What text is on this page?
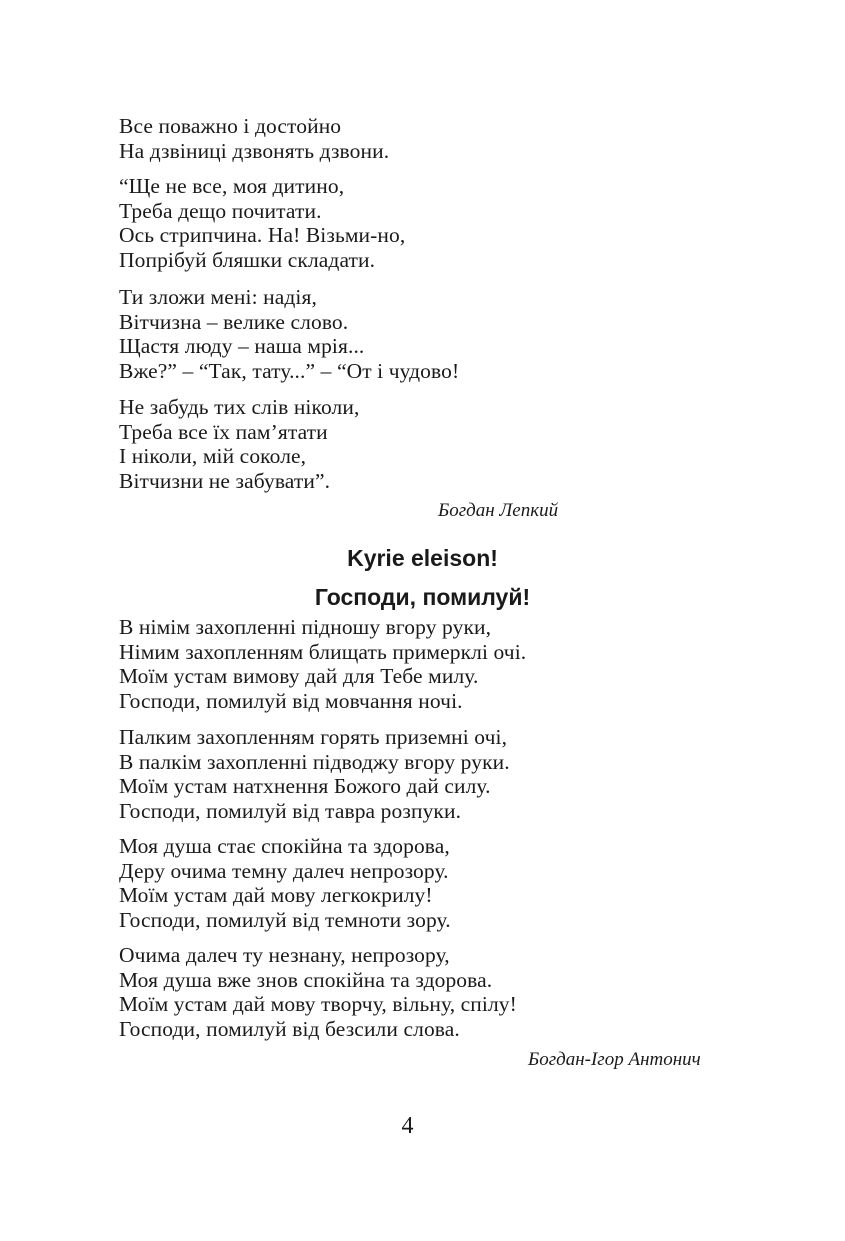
Все поважно і достойно
На дзвіниці дзвонять дзвони.
“Ще не все, моя дитино,
Треба дещо почитати.
Ось стрипчина. На! Візьми-но,
Попрібуй бляшки складати.
Ти зложи мені: надія,
Вітчизна – велике слово.
Щастя люду – наша мрія...
Вже?” – “Так, тату...” – “От і чудово!
Не забудь тих слів ніколи,
Треба все їх пам’ятати
І ніколи, мій соколе,
Вітчизни не забувати”.
Богдан Лепкий
Kyrie eleison!
Господи, помилуй!
В німім захопленні підношу вгору руки,
Німим захопленням блищать примерклі очі.
Моїм устам вимову дай для Тебе милу.
Господи, помилуй від мовчання ночі.
Палким захопленням горять приземні очі,
В палкім захопленні підводжу вгору руки.
Моїм устам натхнення Божого дай силу.
Господи, помилуй від тавра розпуки.
Моя душа стає спокійна та здорова,
Деру очима темну далеч непрозору.
Моїм устам дай мову легкокрилу!
Господи, помилуй від темноти зору.
Очима далеч ту незнану, непрозору,
Моя душа вже знов спокійна та здорова.
Моїм устам дай мову творчу, вільну, спілу!
Господи, помилуй від безсили слова.
Богдан-Ігор Антонич
4
